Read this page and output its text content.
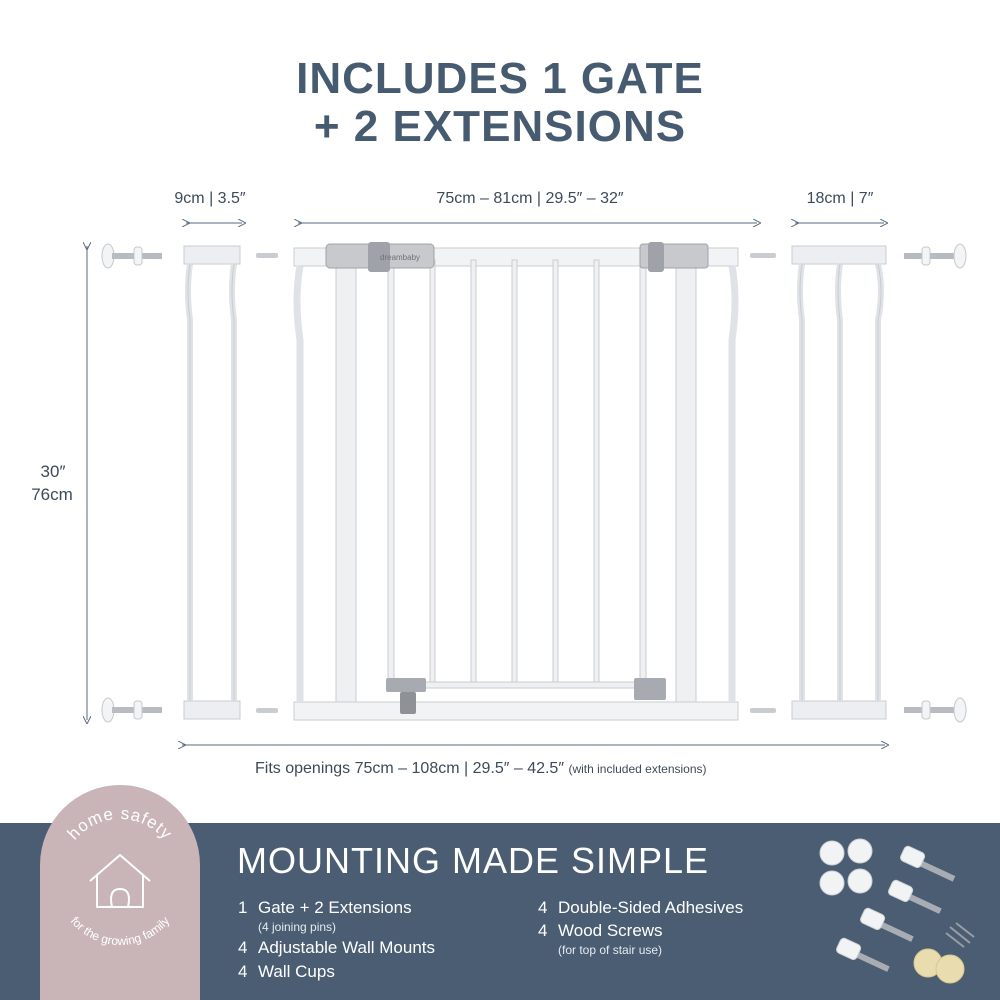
INCLUDES 1 GATE
+ 2 EXTENSIONS
9cm | 3.5″	75cm – 81cm | 29.5″ – 32″	18cm | 7″
30″
76cm
Fits openings 75cm – 108cm | 29.5″ – 42.5″ (with included extensions)
dreambaby
home safety
for the growing family
MOUNTING MADE SIMPLE
1 Gate + 2 Extensions
(4 joining pins)
4 Adjustable Wall Mounts
4 Wall Cups
4 Double-Sided Adhesives
4 Wood Screws
(for top of stair use)
